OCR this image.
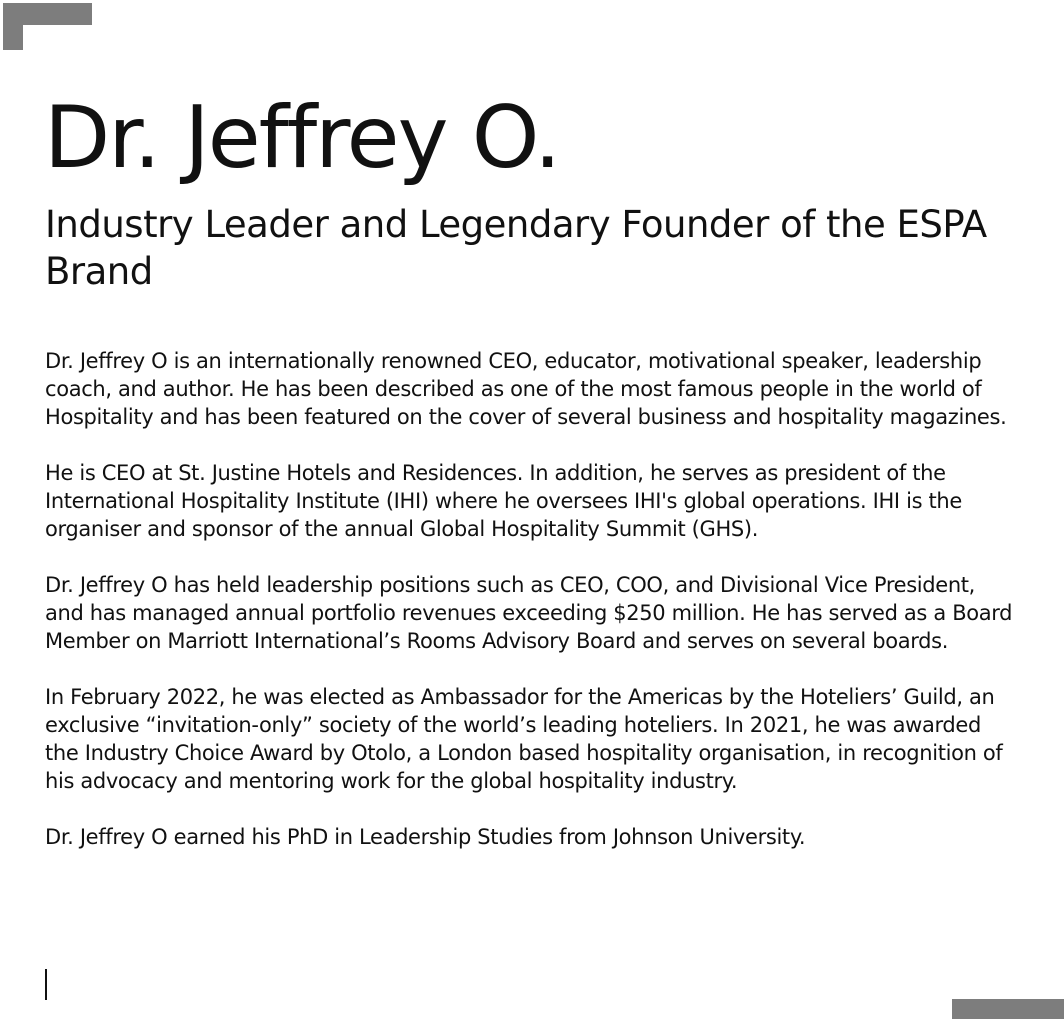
Dr. Jeffrey O.
Industry Leader and Legendary Founder of the ESPA Brand

Dr. Jeffrey O is an internationally renowned CEO, educator, motivational speaker, leadership coach, and author. He has been described as one of the most famous people in the world of Hospitality and has been featured on the cover of several business and hospitality magazines.

He is CEO at St. Justine Hotels and Residences. In addition, he serves as president of the International Hospitality Institute (IHI) where he oversees IHI's global operations. IHI is the organiser and sponsor of the annual Global Hospitality Summit (GHS).

Dr. Jeffrey O has held leadership positions such as CEO, COO, and Divisional Vice President, and has managed annual portfolio revenues exceeding $250 million. He has served as a Board Member on Marriott International’s Rooms Advisory Board and serves on several boards.

In February 2022, he was elected as Ambassador for the Americas by the Hoteliers’ Guild, an exclusive “invitation-only” society of the world’s leading hoteliers. In 2021, he was awarded the Industry Choice Award by Otolo, a London based hospitality organisation, in recognition of his advocacy and mentoring work for the global hospitality industry.

Dr. Jeffrey O earned his PhD in Leadership Studies from Johnson University.
